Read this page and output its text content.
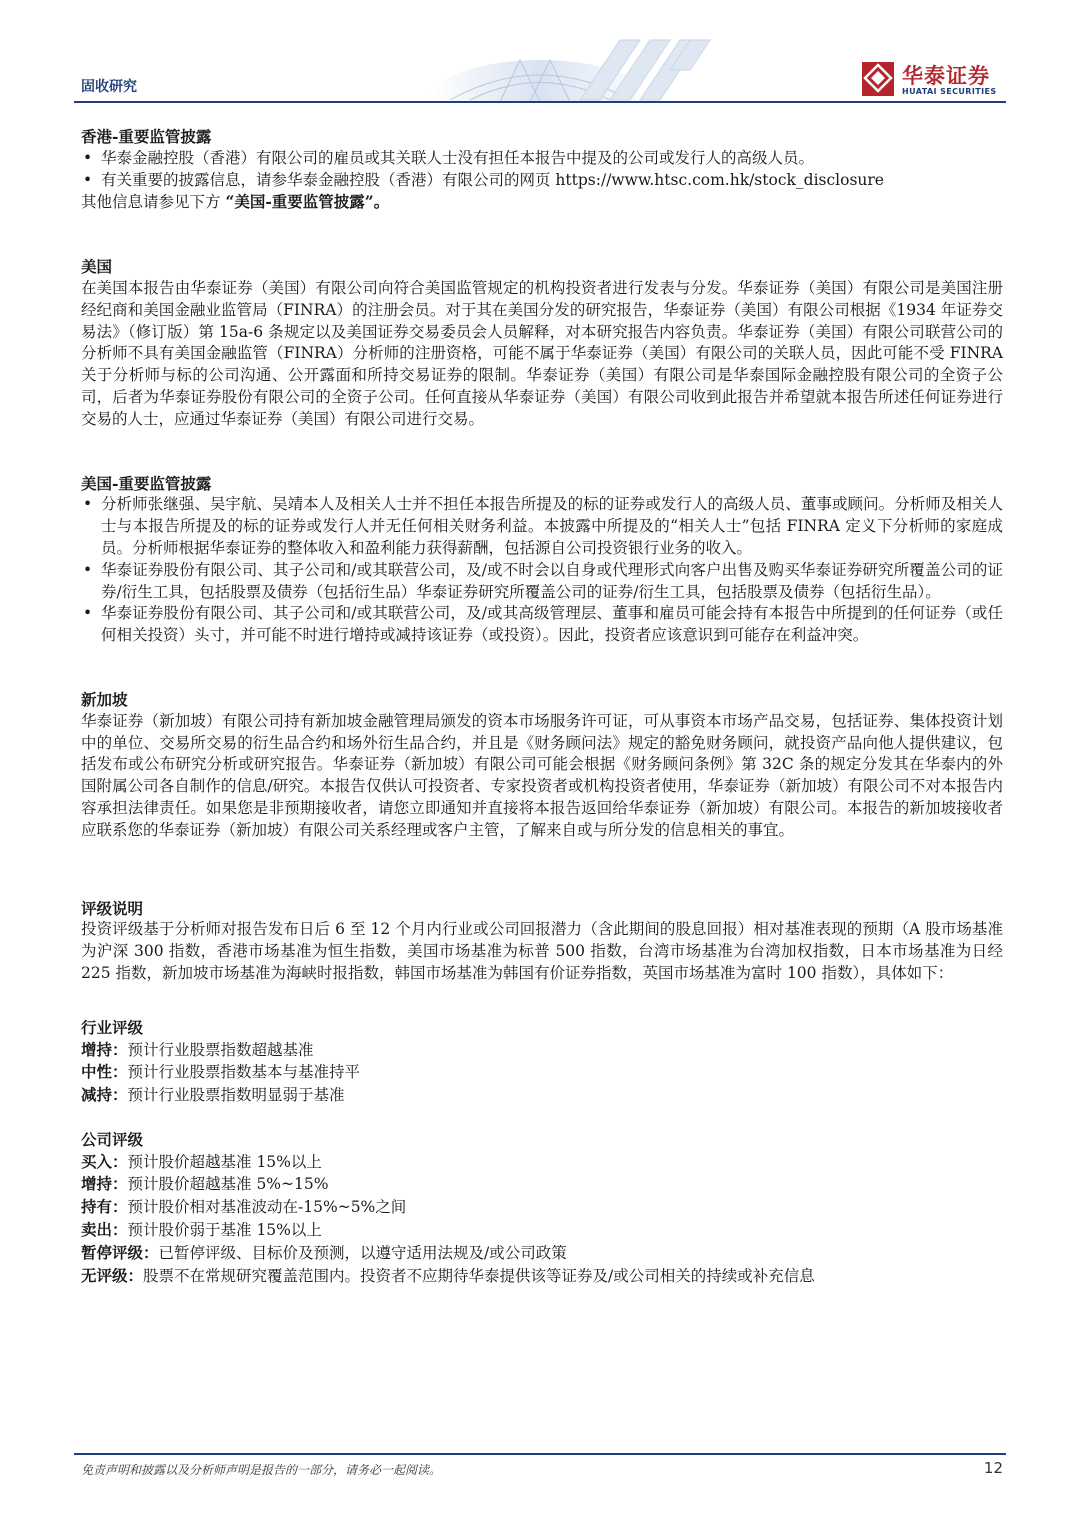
固收研究	华泰证券
HUATAI SECURITIES

香港-重要监管披露

• 华泰金融控股（香港）有限公司的雇员或其关联人士没有担任本报告中提及的公司或发行人的高级人员。
• 有关重要的披露信息，请参华泰金融控股（香港）有限公司的网页 https://www.htsc.com.hk/stock_disclosure

其他信息请参见下方 “美国-重要监管披露”。

美国

在美国本报告由华泰证券（美国）有限公司向符合美国监管规定的机构投资者进行发表与分发。华泰证券（美国）有限公司是美国注册经纪商和美国金融业监管局（FINRA）的注册会员。对于其在美国分发的研究报告，华泰证券（美国）有限公司根据《1934 年证券交易法》（修订版）第 15a-6 条规定以及美国证券交易委员会人员解释，对本研究报告内容负责。华泰证券（美国）有限公司联营公司的分析师不具有美国金融监管（FINRA）分析师的注册资格，可能不属于华泰证券（美国）有限公司的关联人员，因此可能不受 FINRA 关于分析师与标的公司沟通、公开露面和所持交易证券的限制。华泰证券（美国）有限公司是华泰国际金融控股有限公司的全资子公司，后者为华泰证券股份有限公司的全资子公司。任何直接从华泰证券（美国）有限公司收到此报告并希望就本报告所述任何证券进行交易的人士，应通过华泰证券（美国）有限公司进行交易。

美国-重要监管披露

• 分析师张继强、吴宇航、吴靖本人及相关人士并不担任本报告所提及的标的证券或发行人的高级人员、董事或顾问。分析师及相关人士与本报告所提及的标的证券或发行人并无任何相关财务利益。本披露中所提及的“相关人士”包括 FINRA 定义下分析师的家庭成员。分析师根据华泰证券的整体收入和盈利能力获得薪酬，包括源自公司投资银行业务的收入。
• 华泰证券股份有限公司、其子公司和/或其联营公司，及/或不时会以自身或代理形式向客户出售及购买华泰证券研究所覆盖公司的证券/衍生工具，包括股票及债券（包括衍生品）华泰证券研究所覆盖公司的证券/衍生工具，包括股票及债券（包括衍生品）。
• 华泰证券股份有限公司、其子公司和/或其联营公司，及/或其高级管理层、董事和雇员可能会持有本报告中所提到的任何证券（或任何相关投资）头寸，并可能不时进行增持或减持该证券（或投资）。因此，投资者应该意识到可能存在利益冲突。

新加坡

华泰证券（新加坡）有限公司持有新加坡金融管理局颁发的资本市场服务许可证，可从事资本市场产品交易，包括证券、集体投资计划中的单位、交易所交易的衍生品合约和场外衍生品合约，并且是《财务顾问法》规定的豁免财务顾问，就投资产品向他人提供建议，包括发布或公布研究分析或研究报告。华泰证券（新加坡）有限公司可能会根据《财务顾问条例》第 32C 条的规定分发其在华泰内的外国附属公司各自制作的信息/研究。本报告仅供认可投资者、专家投资者或机构投资者使用，华泰证券（新加坡）有限公司不对本报告内容承担法律责任。如果您是非预期接收者，请您立即通知并直接将本报告返回给华泰证券（新加坡）有限公司。本报告的新加坡接收者应联系您的华泰证券（新加坡）有限公司关系经理或客户主管，了解来自或与所分发的信息相关的事宜。

评级说明

投资评级基于分析师对报告发布日后 6 至 12 个月内行业或公司回报潜力（含此期间的股息回报）相对基准表现的预期（A 股市场基准为沪深 300 指数，香港市场基准为恒生指数，美国市场基准为标普 500 指数，台湾市场基准为台湾加权指数，日本市场基准为日经 225 指数，新加坡市场基准为海峡时报指数，韩国市场基准为韩国有价证券指数，英国市场基准为富时 100 指数），具体如下：

行业评级

增持：预计行业股票指数超越基准

中性：预计行业股票指数基本与基准持平

减持：预计行业股票指数明显弱于基准

公司评级

买入：预计股价超越基准 15%以上

增持：预计股价超越基准 5%~15%

持有：预计股价相对基准波动在-15%~5%之间

卖出：预计股价弱于基准 15%以上

暂停评级：已暂停评级、目标价及预测，以遵守适用法规及/或公司政策

无评级：股票不在常规研究覆盖范围内。投资者不应期待华泰提供该等证券及/或公司相关的持续或补充信息

免责声明和披露以及分析师声明是报告的一部分，请务必一起阅读。	12
